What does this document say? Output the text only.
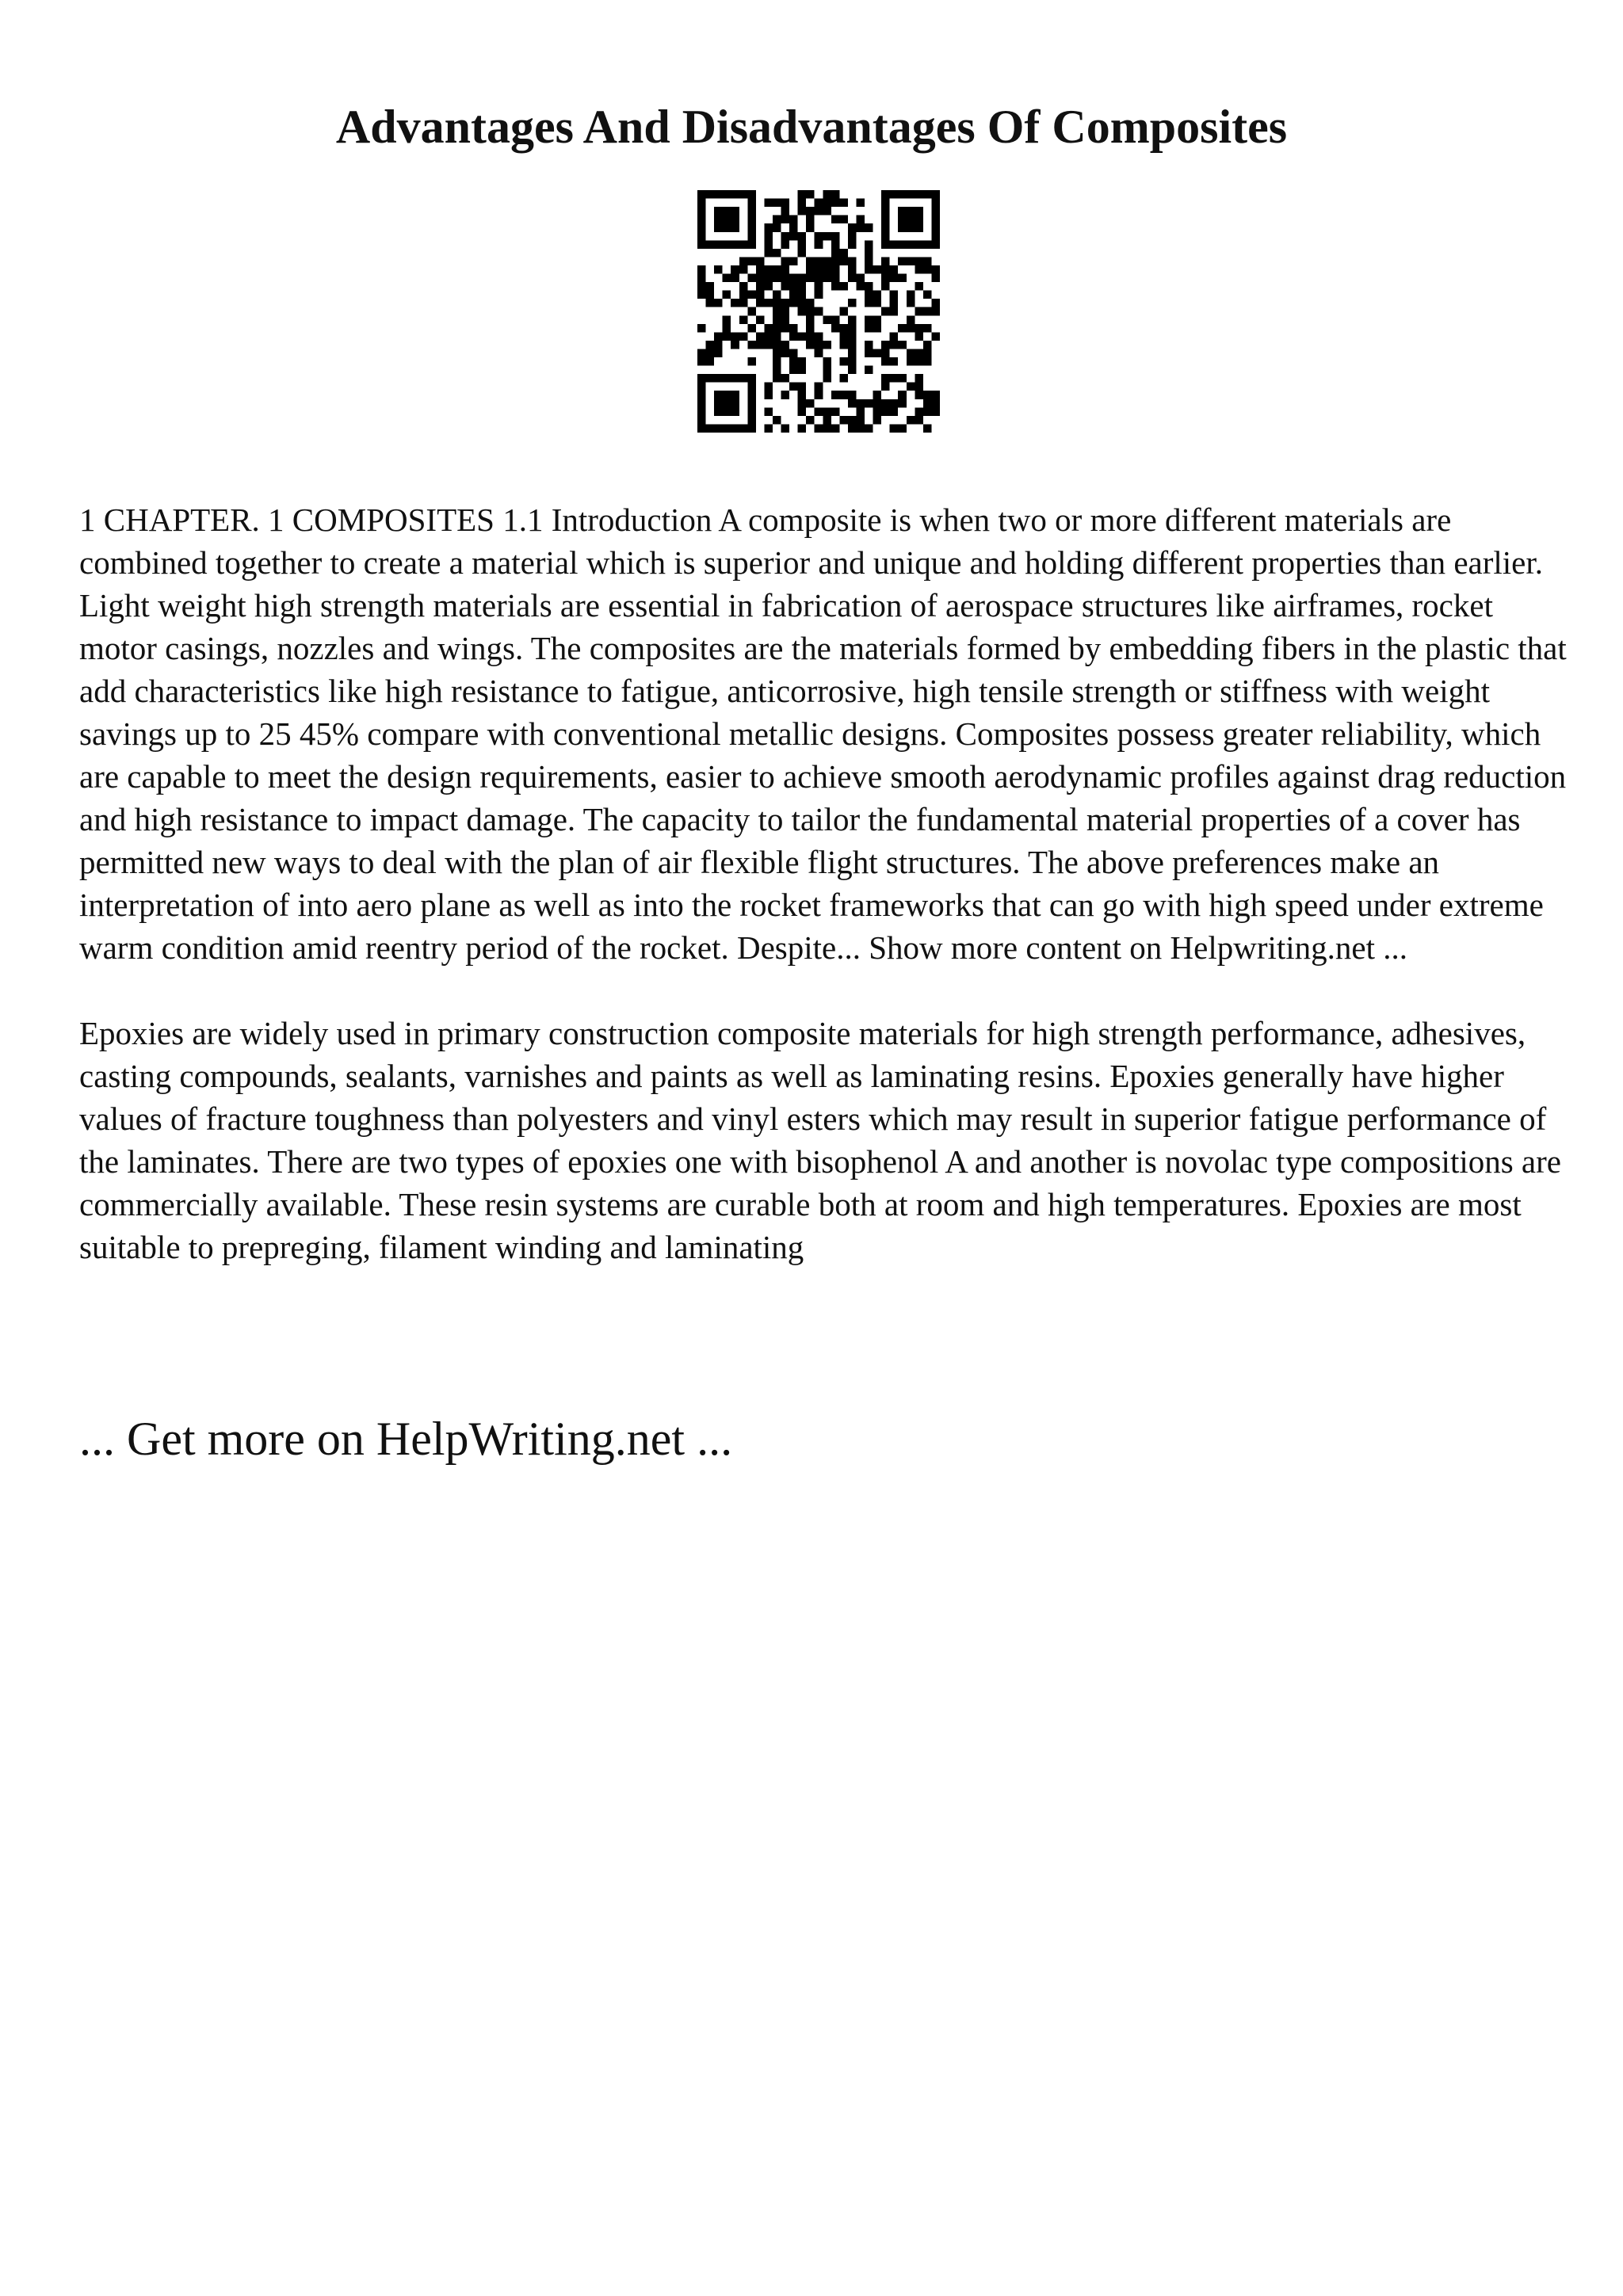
Advantages And Disadvantages Of Composites

1 CHAPTER. 1 COMPOSITES 1.1 Introduction A composite is when two or more different materials are combined together to create a material which is superior and unique and holding different properties than earlier. Light weight high strength materials are essential in fabrication of aerospace structures like airframes, rocket motor casings, nozzles and wings. The composites are the materials formed by embedding fibers in the plastic that add characteristics like high resistance to fatigue, anticorrosive, high tensile strength or stiffness with weight savings up to 25 45% compare with conventional metallic designs. Composites possess greater reliability, which are capable to meet the design requirements, easier to achieve smooth aerodynamic profiles against drag reduction and high resistance to impact damage. The capacity to tailor the fundamental material properties of a cover has permitted new ways to deal with the plan of air flexible flight structures. The above preferences make an interpretation of into aero plane as well as into the rocket frameworks that can go with high speed under extreme warm condition amid reentry period of the rocket. Despite... Show more content on Helpwriting.net ...

Epoxies are widely used in primary construction composite materials for high strength performance, adhesives, casting compounds, sealants, varnishes and paints as well as laminating resins. Epoxies generally have higher values of fracture toughness than polyesters and vinyl esters which may result in superior fatigue performance of the laminates. There are two types of epoxies one with bisophenol A and another is novolac type compositions are commercially available. These resin systems are curable both at room and high temperatures. Epoxies are most suitable to prepreging, filament winding and laminating

... Get more on HelpWriting.net ...
